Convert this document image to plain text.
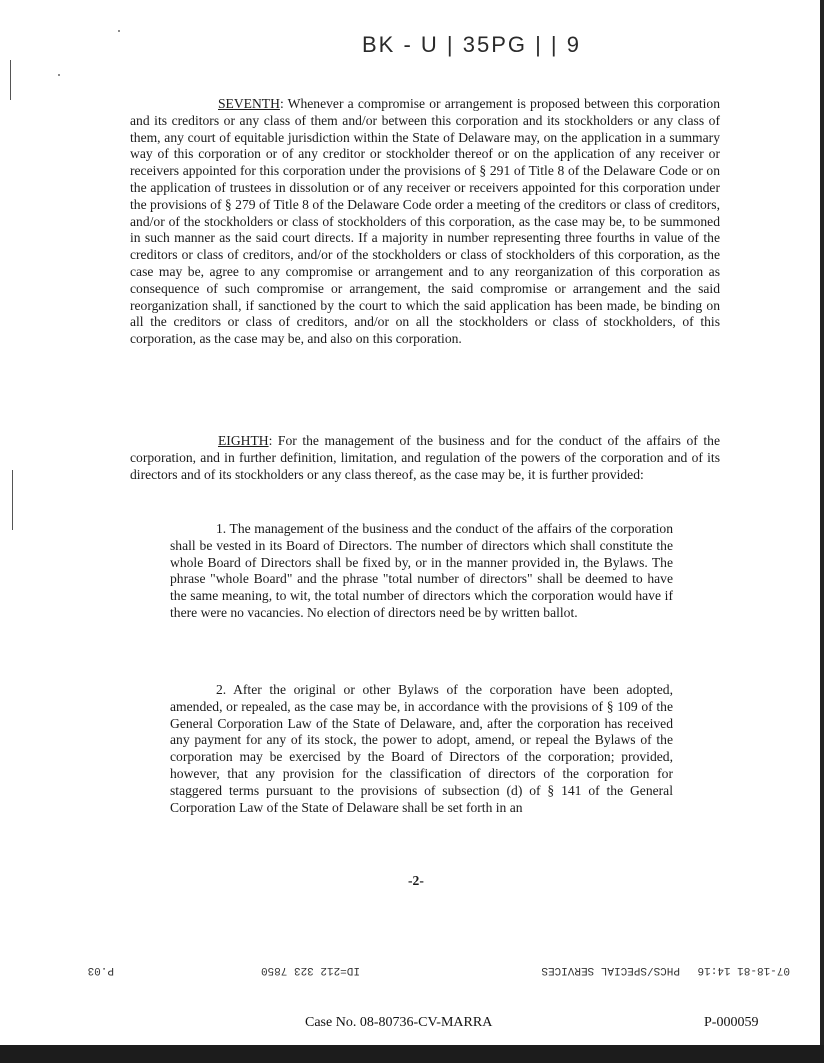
BK - U | 35PG | | 9

SEVENTH: Whenever a compromise or arrangement is proposed between this corporation and its creditors or any class of them and/or between this corporation and its stockholders or any class of them, any court of equitable jurisdiction within the State of Delaware may, on the application in a summary way of this corporation or of any creditor or stockholder thereof or on the application of any receiver or receivers appointed for this corporation under the provisions of § 291 of Title 8 of the Delaware Code or on the application of trustees in dissolution or of any receiver or receivers appointed for this corporation under the provisions of § 279 of Title 8 of the Delaware Code order a meeting of the creditors or class of creditors, and/or of the stockholders or class of stockholders of this corporation, as the case may be, to be summoned in such manner as the said court directs. If a majority in number representing three fourths in value of the creditors or class of creditors, and/or of the stockholders or class of stockholders of this corporation, as the case may be, agree to any compromise or arrangement and to any reorganization of this corporation as consequence of such compromise or arrangement, the said compromise or arrangement and the said reorganization shall, if sanctioned by the court to which the said application has been made, be binding on all the creditors or class of creditors, and/or on all the stockholders or class of stockholders, of this corporation, as the case may be, and also on this corporation.

EIGHTH: For the management of the business and for the conduct of the affairs of the corporation, and in further definition, limitation, and regulation of the powers of the corporation and of its directors and of its stockholders or any class thereof, as the case may be, it is further provided:

1. The management of the business and the conduct of the affairs of the corporation shall be vested in its Board of Directors. The number of directors which shall constitute the whole Board of Directors shall be fixed by, or in the manner provided in, the Bylaws. The phrase "whole Board" and the phrase "total number of directors" shall be deemed to have the same meaning, to wit, the total number of directors which the corporation would have if there were no vacancies. No election of directors need be by written ballot.

2. After the original or other Bylaws of the corporation have been adopted, amended, or repealed, as the case may be, in accordance with the provisions of § 109 of the General Corporation Law of the State of Delaware, and, after the corporation has received any payment for any of its stock, the power to adopt, amend, or repeal the Bylaws of the corporation may be exercised by the Board of Directors of the corporation; provided, however, that any provision for the classification of directors of the corporation for staggered terms pursuant to the provisions of subsection (d) of § 141 of the General Corporation Law of the State of Delaware shall be set forth in an

-2-
07-18-81 14:16
PHCS/SPECIAL SERVICES
ID=212 323 7850
P.03
Case No. 08-80736-CV-MARRA	P-000059
